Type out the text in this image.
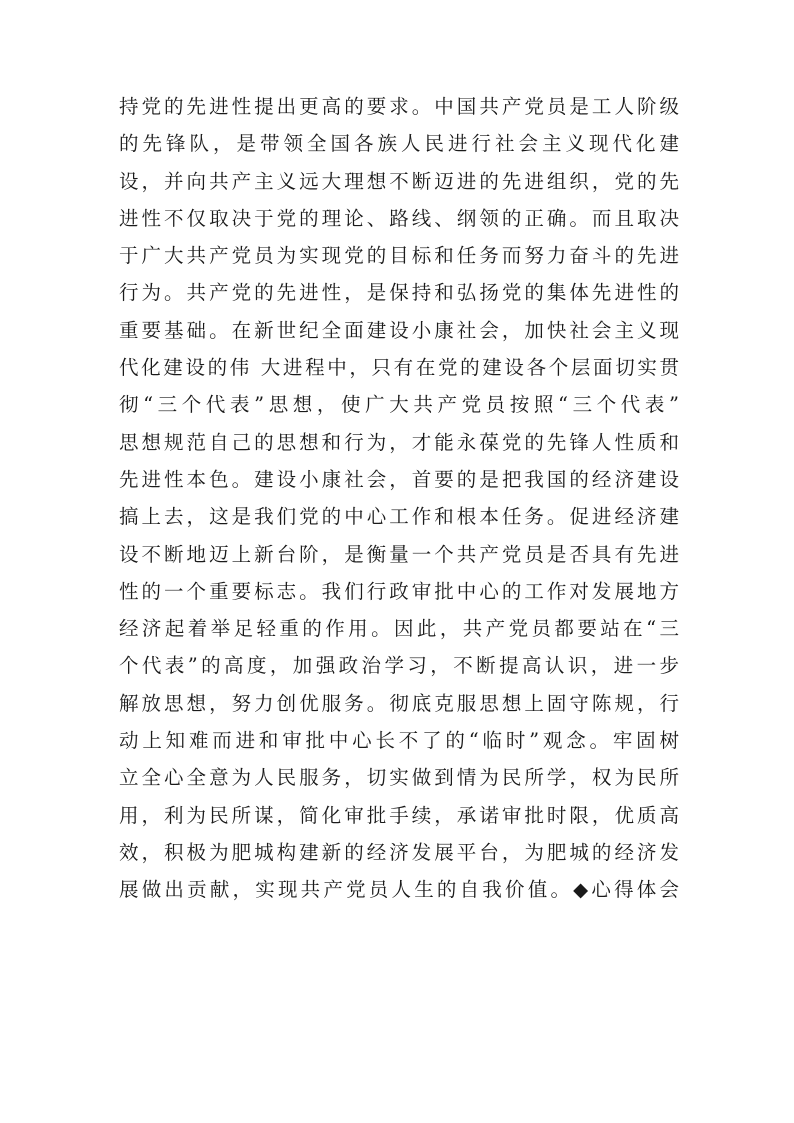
持党的先进性提出更高的要求。中国共产党员是工人阶级
的先锋队，是带领全国各族人民进行社会主义现代化建
设，并向共产主义远大理想不断迈进的先进组织，党的先
进性不仅取决于党的理论、路线、纲领的正确。而且取决
于广大共产党员为实现党的目标和任务而努力奋斗的先进
行为。共产党的先进性，是保持和弘扬党的集体先进性的
重要基础。在新世纪全面建设小康社会，加快社会主义现
代化建设的伟 大进程中，只有在党的建设各个层面切实贯
彻“三个代表”思想，使广大共产党员按照“三个代表”
思想规范自己的思想和行为，才能永葆党的先锋人性质和
先进性本色。建设小康社会，首要的是把我国的经济建设
搞上去，这是我们党的中心工作和根本任务。促进经济建
设不断地迈上新台阶，是衡量一个共产党员是否具有先进
性的一个重要标志。我们行政审批中心的工作对发展地方
经济起着举足轻重的作用。因此，共产党员都要站在“三
个代表”的高度，加强政治学习，不断提高认识，进一步
解放思想，努力创优服务。彻底克服思想上固守陈规，行
动上知难而进和审批中心长不了的“临时”观念。牢固树
立全心全意为人民服务，切实做到情为民所学，权为民所
用，利为民所谋，简化审批手续，承诺审批时限，优质高
效，积极为肥城构建新的经济发展平台，为肥城的经济发
展做出贡献，实现共产党员人生的自我价值。◆心得体会
